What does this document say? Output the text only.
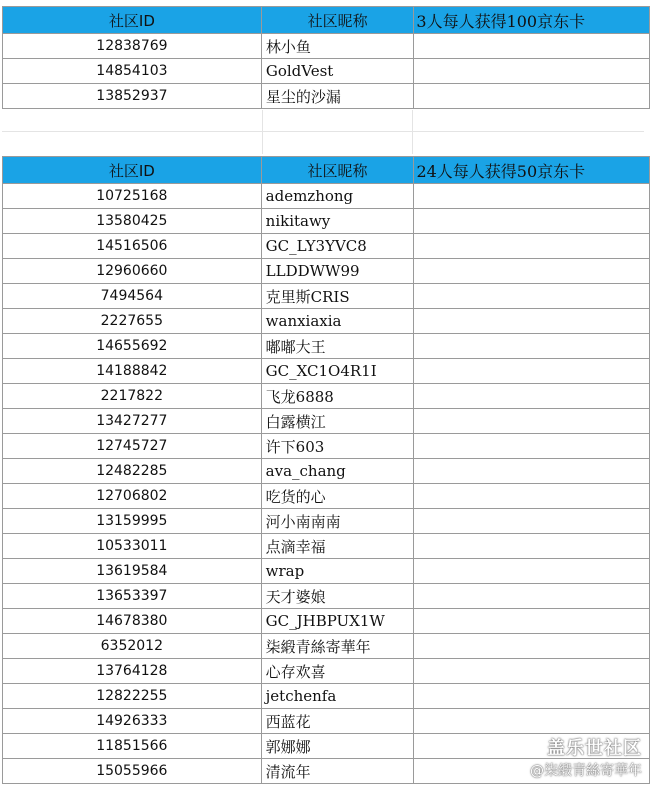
社区ID	社区昵称	3人每人获得100京东卡
12838769	林小鱼	
14854103	GoldVest	
13852937	星尘的沙漏	
社区ID	社区昵称	24人每人获得50京东卡
10725168	ademzhong	
13580425	nikitawy	
14516506	GC_LY3YVC8	
12960660	LLDDWW99	
7494564	克里斯CRIS	
2227655	wanxiaxia	
14655692	嘟嘟大王	
14188842	GC_XC1O4R1I	
2217822	飞龙6888	
13427277	白露横江	
12745727	许下603	
12482285	ava_chang	
12706802	吃货的心	
13159995	河小南南南	
10533011	点滴幸福	
13619584	wrap	
13653397	天才婆娘	
14678380	GC_JHBPUX1W	
6352012	柒緞青絲寄華年	
13764128	心存欢喜	
12822255	jetchenfa	
14926333	西蓝花	
11851566	郭娜娜	
15055966	清流年	
盖乐世社区
@柒緞青絲寄華年
